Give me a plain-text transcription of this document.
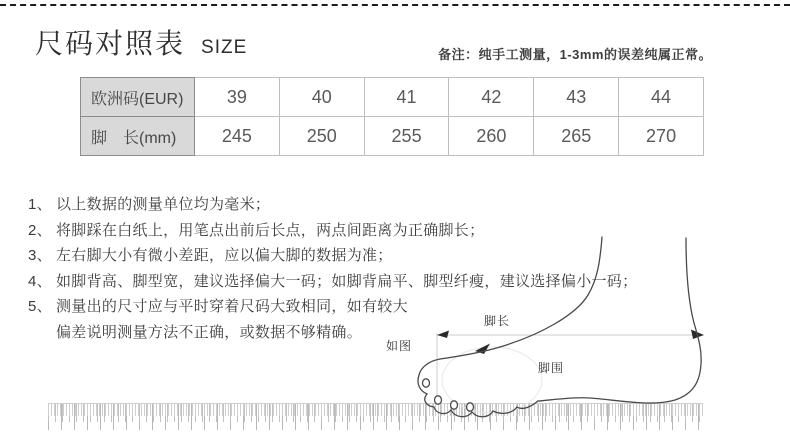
尺码对照表 SIZE	备注：纯手工测量，1-3mm的误差纯属正常。
欧洲码(EUR)	39	40	41	42	43	44
脚　长(mm)	245	250	255	260	265	270
1、 以上数据的测量单位均为毫米；
2、 将脚踩在白纸上，用笔点出前后长点，两点间距离为正确脚长；
3、 左右脚大小有微小差距，应以偏大脚的数据为准；
4、 如脚背高、脚型宽，建议选择偏大一码；如脚背扁平、脚型纤瘦，建议选择偏小一码；
5、 测量出的尺寸应与平时穿着尺码大致相同，如有较大
偏差说明测量方法不正确，或数据不够精确。
脚长
如图
脚围
